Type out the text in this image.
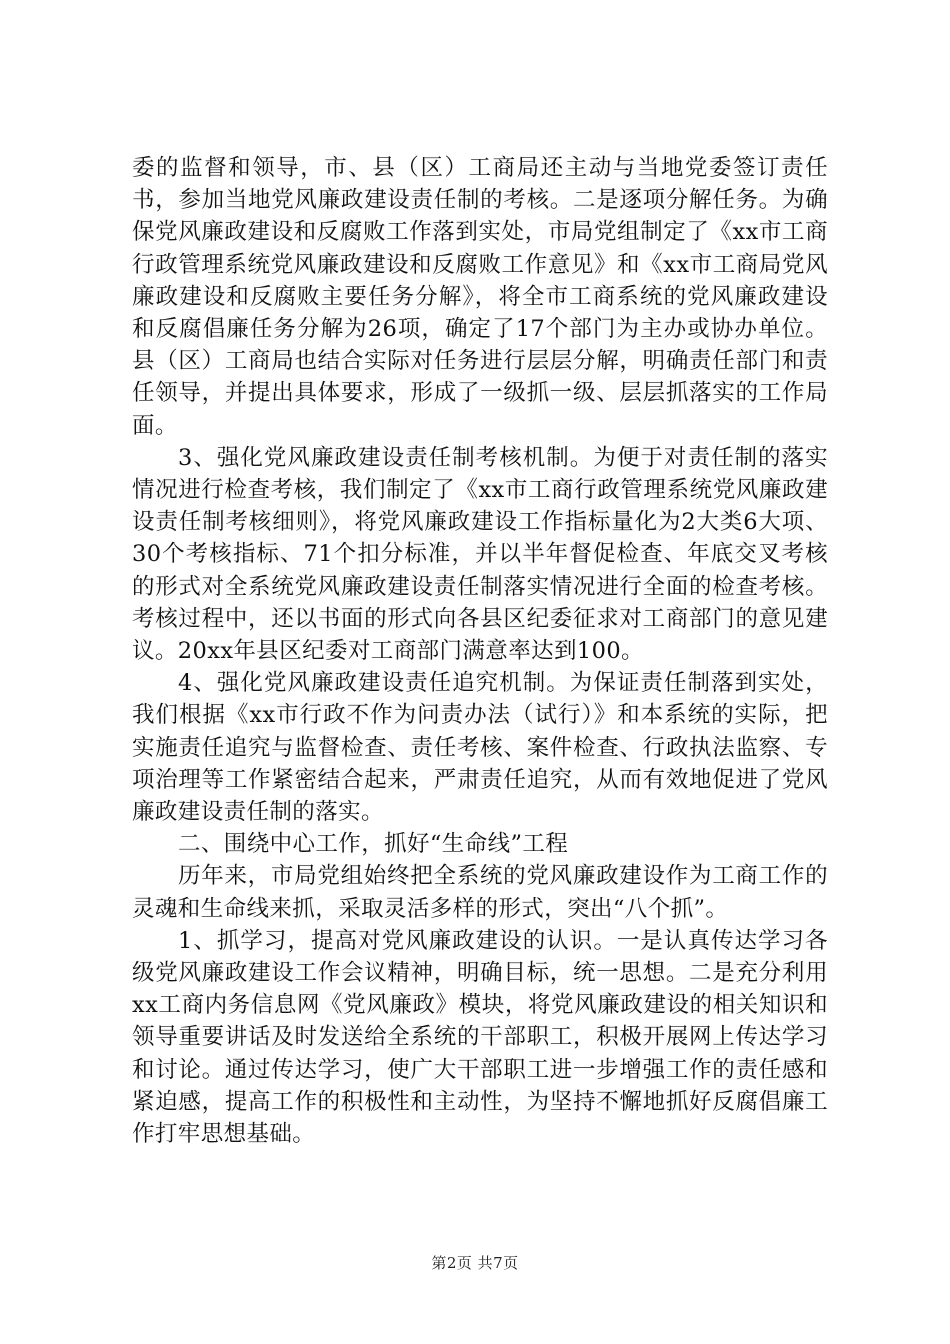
委的监督和领导，市、县（区）工商局还主动与当地党委签订责任书，参加当地党风廉政建设责任制的考核。二是逐项分解任务。为确保党风廉政建设和反腐败工作落到实处，市局党组制定了《xx市工商行政管理系统党风廉政建设和反腐败工作意见》和《xx市工商局党风廉政建设和反腐败主要任务分解》，将全市工商系统的党风廉政建设和反腐倡廉任务分解为26项，确定了17个部门为主办或协办单位。县（区）工商局也结合实际对任务进行层层分解，明确责任部门和责任领导，并提出具体要求，形成了一级抓一级、层层抓落实的工作局面。

3、强化党风廉政建设责任制考核机制。为便于对责任制的落实情况进行检查考核，我们制定了《xx市工商行政管理系统党风廉政建设责任制考核细则》，将党风廉政建设工作指标量化为2大类6大项、30个考核指标、71个扣分标准，并以半年督促检查、年底交叉考核的形式对全系统党风廉政建设责任制落实情况进行全面的检查考核。考核过程中，还以书面的形式向各县区纪委征求对工商部门的意见建议。20xx年县区纪委对工商部门满意率达到100。

4、强化党风廉政建设责任追究机制。为保证责任制落到实处，我们根据《xx市行政不作为问责办法（试行）》和本系统的实际，把实施责任追究与监督检查、责任考核、案件检查、行政执法监察、专项治理等工作紧密结合起来，严肃责任追究，从而有效地促进了党风廉政建设责任制的落实。

二、围绕中心工作，抓好“生命线”工程

历年来，市局党组始终把全系统的党风廉政建设作为工商工作的灵魂和生命线来抓，采取灵活多样的形式，突出“八个抓”。

1、抓学习，提高对党风廉政建设的认识。一是认真传达学习各级党风廉政建设工作会议精神，明确目标，统一思想。二是充分利用xx工商内务信息网《党风廉政》模块，将党风廉政建设的相关知识和领导重要讲话及时发送给全系统的干部职工，积极开展网上传达学习和讨论。通过传达学习，使广大干部职工进一步增强工作的责任感和紧迫感，提高工作的积极性和主动性，为坚持不懈地抓好反腐倡廉工作打牢思想基础。

第2页 共7页
